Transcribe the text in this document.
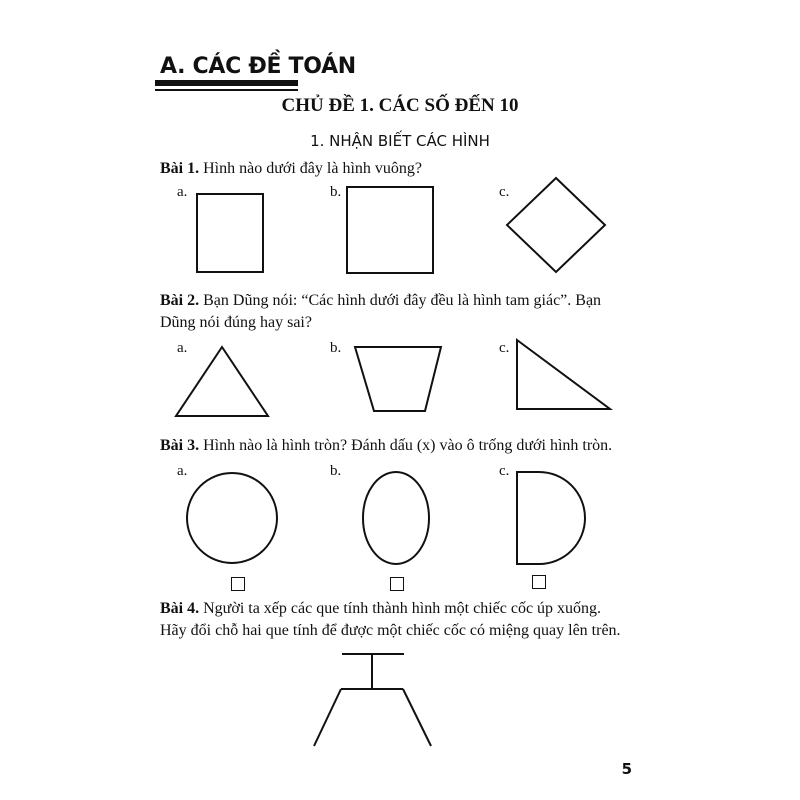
A. CÁC ĐỀ TOÁN
CHỦ ĐỀ 1. CÁC SỐ ĐẾN 10
1. NHẬN BIẾT CÁC HÌNH
Bài 1. Hình nào dưới đây là hình vuông?
a.	b.	c.
Bài 2. Bạn Dũng nói: “Các hình dưới đây đều là hình tam giác”. Bạn
Dũng nói đúng hay sai?
a.	b.	c.
Bài 3. Hình nào là hình tròn? Đánh dấu (x) vào ô trống dưới hình tròn.
a.	b.	c.
Bài 4. Người ta xếp các que tính thành hình một chiếc cốc úp xuống.
Hãy đổi chỗ hai que tính để được một chiếc cốc có miệng quay lên trên.
5
